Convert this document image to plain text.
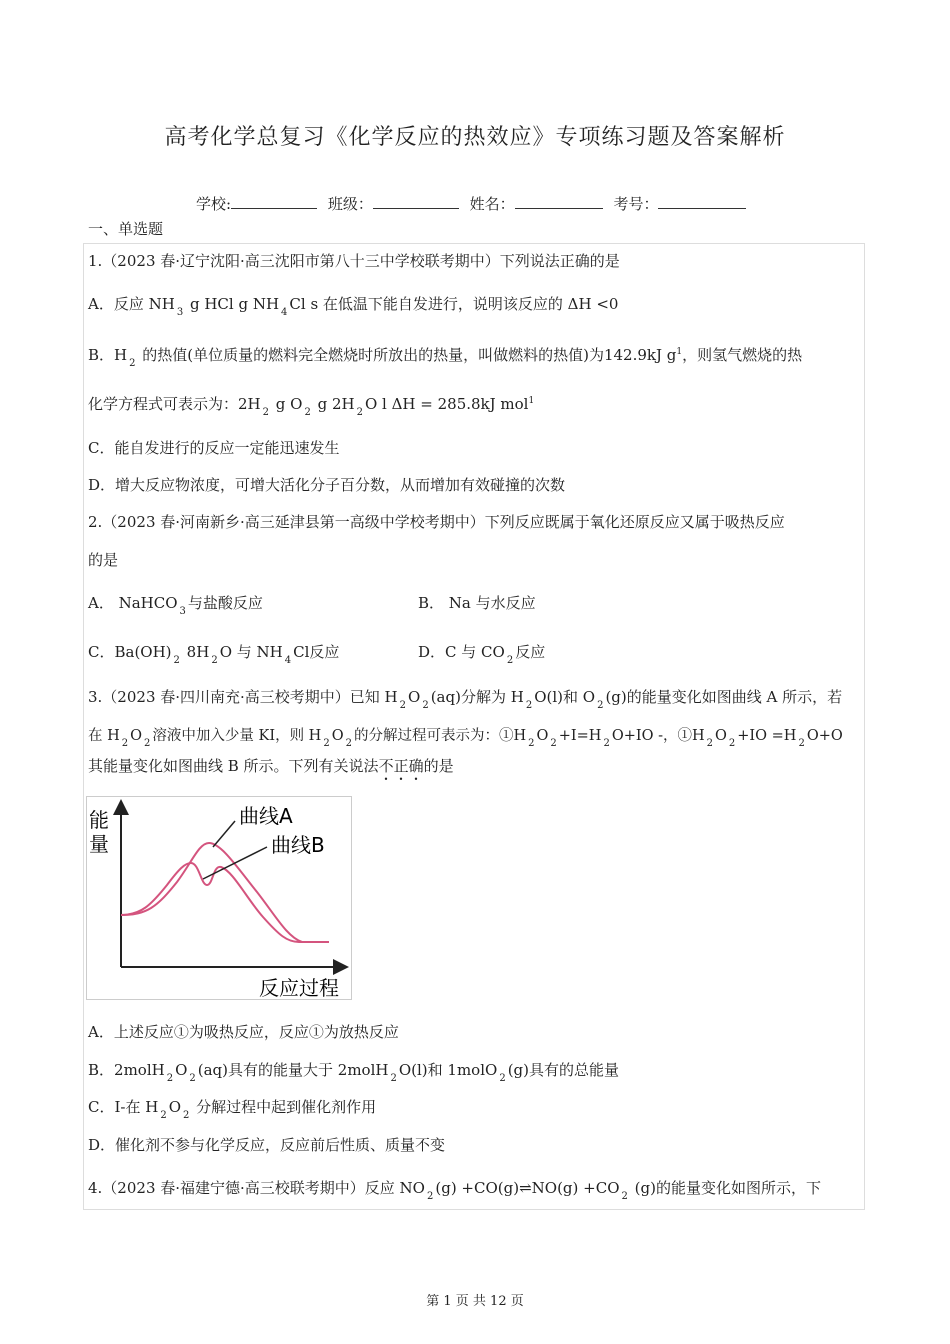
高考化学总复习《化学反应的热效应》专项练习题及答案解析
学校:	班级：	姓名：	考号：
一、单选题
1.（2023 春·辽宁沈阳·高三沈阳市第八十三中学校联考期中）下列说法正确的是
A．反应 NH $_3$ g HCl g NH $_4$ Cl s 在低温下能自发进行，说明该反应的 ΔH <0
B．H $_2$ 的热值(单位质量的燃料完全燃烧时所放出的热量，叫做燃料的热值)为142.9kJ $g^1$，则氢气燃烧的热
化学方程式可表示为：2H $_2$ g O $_2$ g 2H $_2$ O l ΔH = 285.8kJ mol$^1$
C．能自发进行的反应一定能迅速发生
D．增大反应物浓度，可增大活化分子百分数，从而增加有效碰撞的次数
2.（2023 春·河南新乡·高三延津县第一高级中学校考期中）下列反应既属于氧化还原反应又属于吸热反应
的是
A． NaHCO $_3$ 与盐酸反应	B． Na 与水反应
C．Ba(OH) $_2$ 8H $_2$ O 与 NH $_4$ Cl反应	D．C 与 CO $_2$ 反应
3.（2023 春·四川南充·高三校考期中）已知 H $_2$ O $_2$ (aq)分解为 H $_2$ O(l)和 O $_2$ (g)的能量变化如图曲线 A 所示，若
在 H $_2$ O $_2$ 溶液中加入少量 KI，则 H $_2$ O $_2$ 的分解过程可表示为：①H $_2$ O $_2$ +I=H $_2$ O+IO -，①H $_2$ O $_2$ +IO =H $_2$ O+O
其能量变化如图曲线 B 所示。下列有关说法不正确的是
能
量
反应过程
曲线A
曲线B
A．上述反应①为吸热反应，反应①为放热反应
B．2molH $_2$ O $_2$ (aq)具有的能量大于 2molH $_2$ O(l)和 1molO $_2$ (g)具有的总能量
C．I-在 H $_2$ O $_2$ 分解过程中起到催化剂作用
D．催化剂不参与化学反应，反应前后性质、质量不变
4.（2023 春·福建宁德·高三校联考期中）反应 NO $_2$ (g) +CO(g)⇌NO(g) +CO $_2$ (g)的能量变化如图所示，下
第 1 页 共 12 页
